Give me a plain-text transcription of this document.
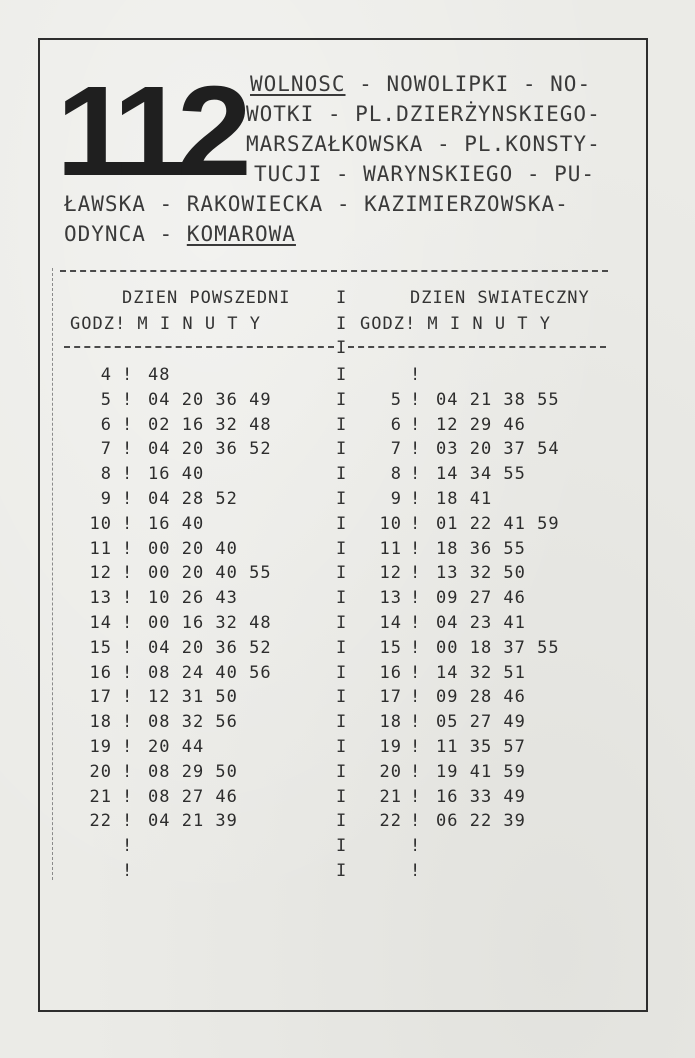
112 WOLNOSC - NOWOLIPKI - NO-
WOTKI - PL.DZIERŻYNSKIEGO-
MARSZAŁKOWSKA - PL.KONSTY-
TUCJI - WARYNSKIEGO - PU-
ŁAWSKA - RAKOWIECKA - KAZIMIERZOWSKA-
ODYNCA - KOMAROWA
DZIEN POWSZEDNI	DZIEN SWIATECZNY
GODZ! M I N U T Y	GODZ! M I N U T Y
I
I
I
I
I
I
I
I
I
I
I
I
I
I
I
I
I
I
I
I
I
I
I
I
4 ! 48	!
5 ! 04 20 36 49	5 ! 04 21 38 55
6 ! 02 16 32 48	6 ! 12 29 46
7 ! 04 20 36 52	7 ! 03 20 37 54
8 ! 16 40	8 ! 14 34 55
9 ! 04 28 52	9 ! 18 41
10 ! 16 40	10 ! 01 22 41 59
11 ! 00 20 40	11 ! 18 36 55
12 ! 00 20 40 55	12 ! 13 32 50
13 ! 10 26 43	13 ! 09 27 46
14 ! 00 16 32 48	14 ! 04 23 41
15 ! 04 20 36 52	15 ! 00 18 37 55
16 ! 08 24 40 56	16 ! 14 32 51
17 ! 12 31 50	17 ! 09 28 46
18 ! 08 32 56	18 ! 05 27 49
19 ! 20 44	19 ! 11 35 57
20 ! 08 29 50	20 ! 19 41 59
21 ! 08 27 46	21 ! 16 33 49
22 ! 04 21 39	22 ! 06 22 39
!	!
!	!
